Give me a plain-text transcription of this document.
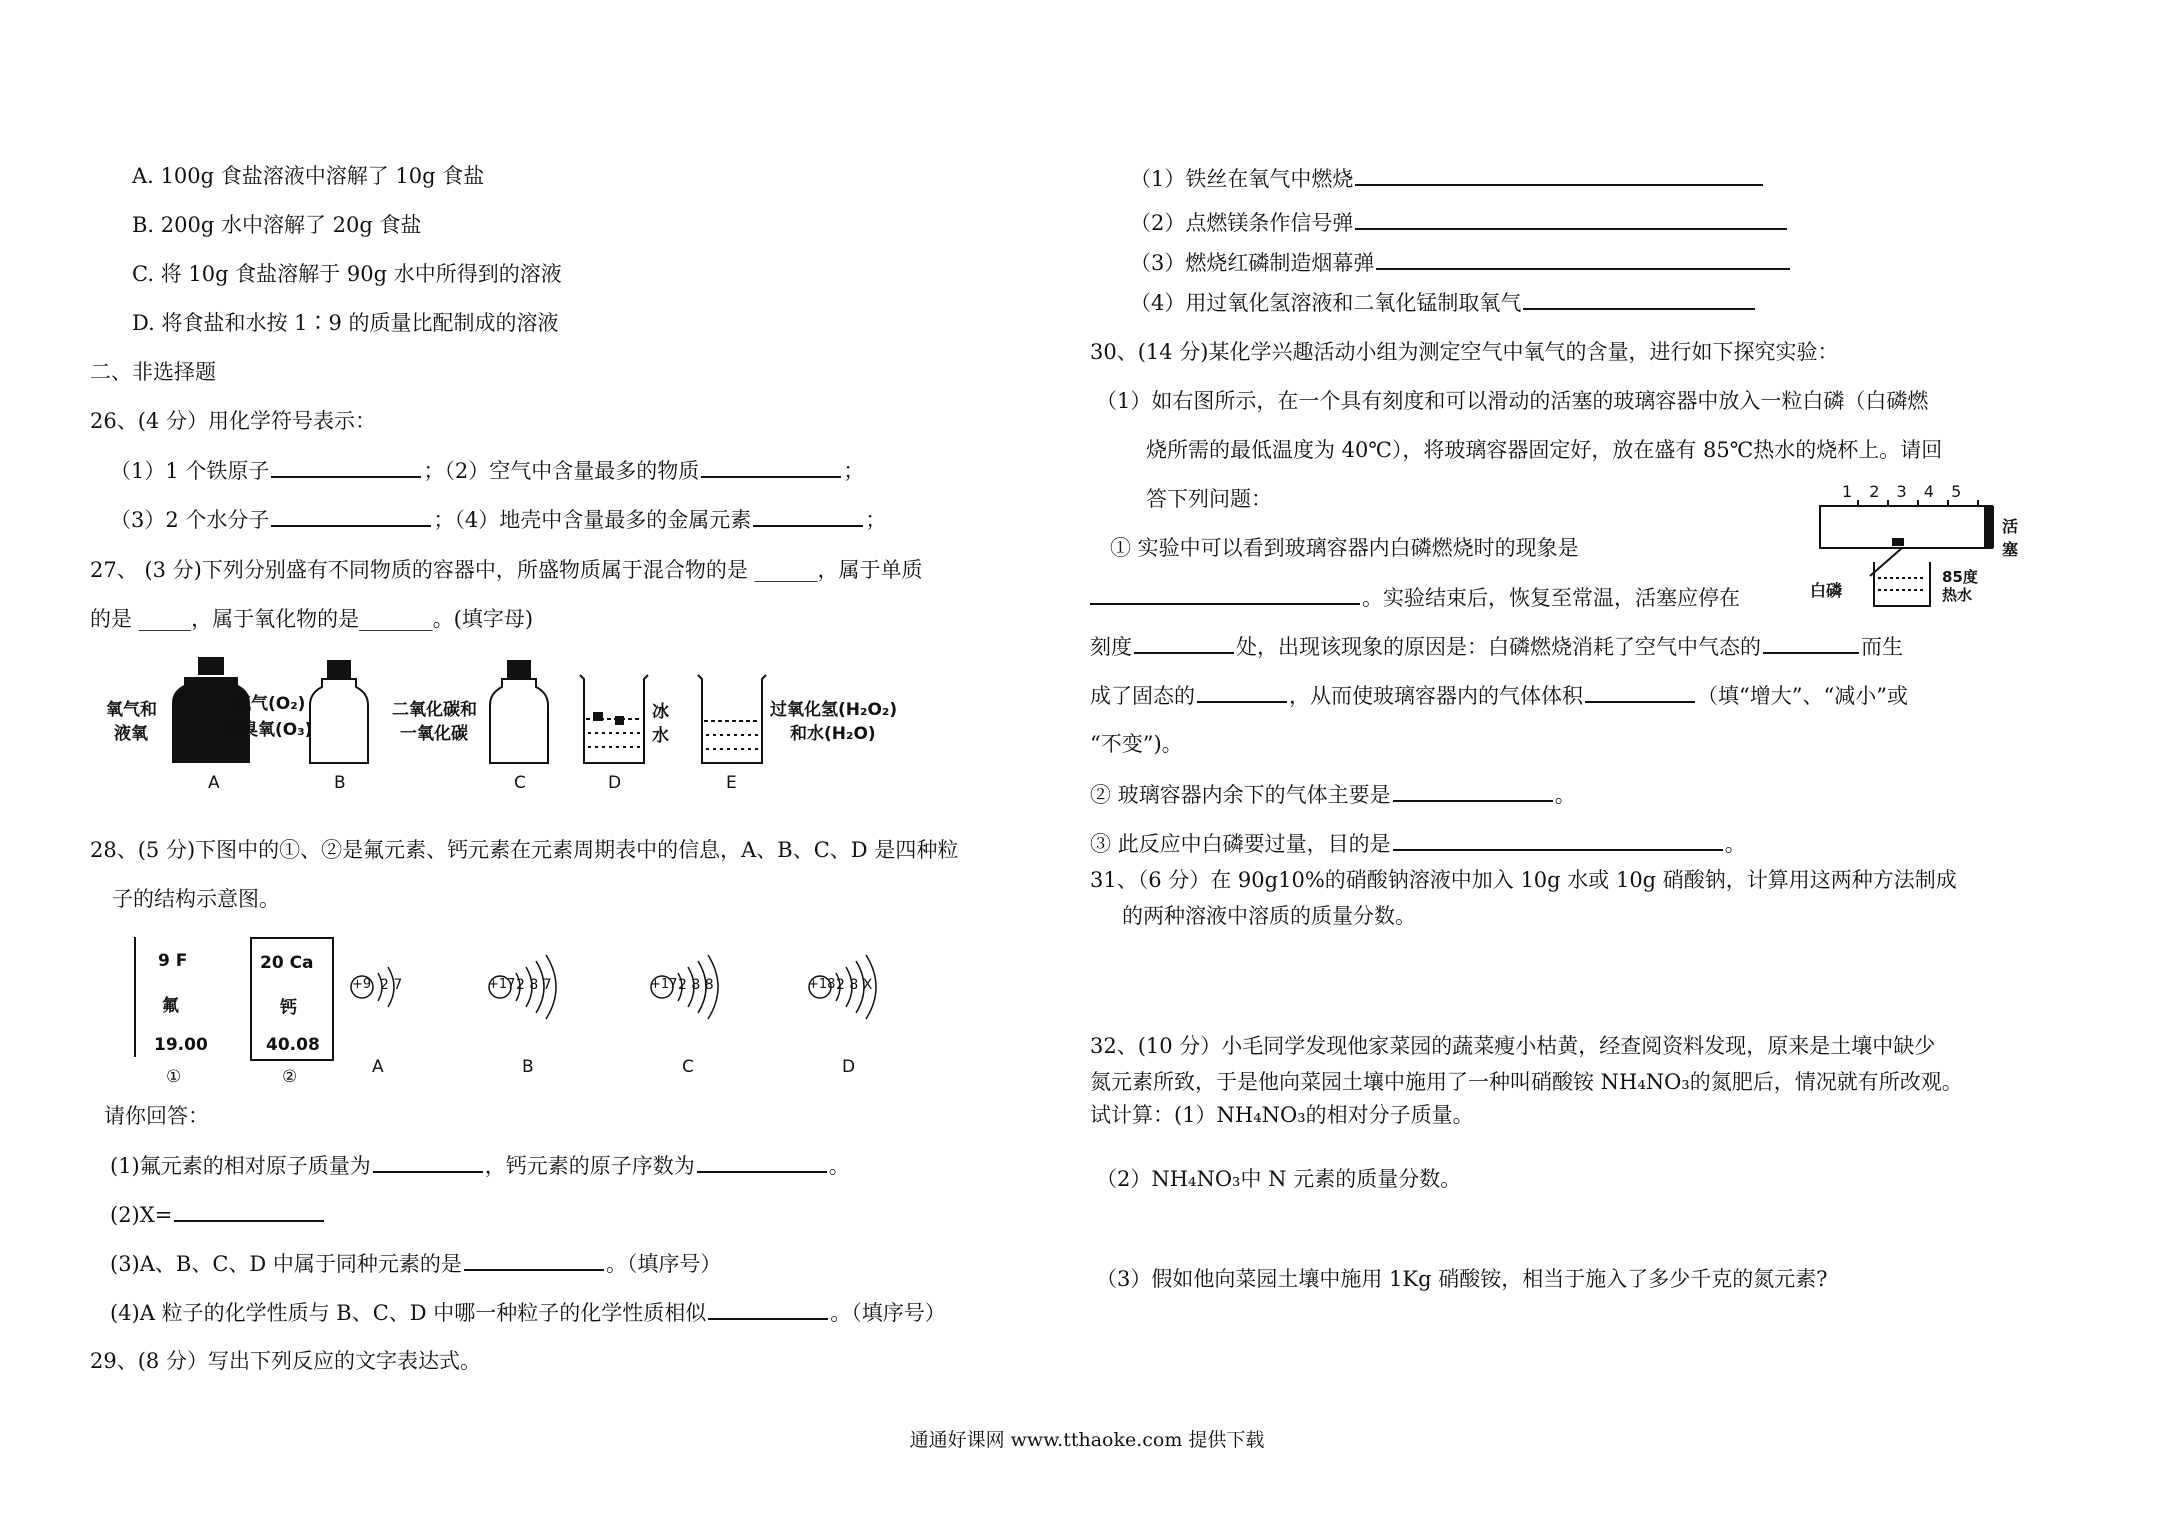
A. 100g 食盐溶液中溶解了 10g 食盐
B. 200g 水中溶解了 20g 食盐
C. 将 10g 食盐溶解于 90g 水中所得到的溶液
D. 将食盐和水按 1∶9 的质量比配制成的溶液
二、非选择题
26、(4 分）用化学符号表示：
（1）1 个铁原子	；（2）空气中含量最多的物质	；
（3）2 个水分子	；（4）地壳中含量最多的金属元素	；
27、 (3 分)下列分别盛有不同物质的容器中，所盛物质属于混合物的是 ______，属于单质
的是 _____，属于氧化物的是_______。(填字母)
氧气和
液氧
A
氧气(O₂)
和臭氧(O₃)
B
二氧化碳和
一氧化碳
C
冰
水
D
过氧化氢(H₂O₂)
和水(H₂O)
E
28、(5 分)下图中的①、②是氟元素、钙元素在元素周期表中的信息，A、B、C、D 是四种粒
子的结构示意图。
9 F
氟
19.00
①
20 Ca
钙
40.08
②
+9 2 7
A
+17 2 8 7
B
+17 2 8 8
C
+18 2 8 X
D
请你回答：
(1)氟元素的相对原子质量为	，钙元素的原子序数为	。
(2)X=
(3)A、B、C、D 中属于同种元素的是	。（填序号）
(4)A 粒子的化学性质与 B、C、D 中哪一种粒子的化学性质相似	。（填序号）
29、(8 分）写出下列反应的文字表达式。
（1）铁丝在氧气中燃烧
（2）点燃镁条作信号弹
（3）燃烧红磷制造烟幕弹
（4）用过氧化氢溶液和二氧化锰制取氧气
30、(14 分)某化学兴趣活动小组为测定空气中氧气的含量，进行如下探究实验：
（1）如右图所示，在一个具有刻度和可以滑动的活塞的玻璃容器中放入一粒白磷（白磷燃
烧所需的最低温度为 40℃），将玻璃容器固定好，放在盛有 85℃热水的烧杯上。请回
答下列问题：
① 实验中可以看到玻璃容器内白磷燃烧时的现象是
。实验结束后，恢复至常温，活塞应停在
刻度	处，出现该现象的原因是：白磷燃烧消耗了空气中气态的	而生
成了固态的	，从而使玻璃容器内的气体体积	（填“增大”、“减小”或
“不变”)。
② 玻璃容器内余下的气体主要是	。
③ 此反应中白磷要过量，目的是	。
1 2 3 4 5
活塞
白磷
85度
热水
31、（6 分）在 90g10%的硝酸钠溶液中加入 10g 水或 10g 硝酸钠，计算用这两种方法制成
的两种溶液中溶质的质量分数。
32、(10 分）小毛同学发现他家菜园的蔬菜瘦小枯黄，经查阅资料发现，原来是土壤中缺少
氮元素所致，于是他向菜园土壤中施用了一种叫硝酸铵 NH₄NO₃的氮肥后，情况就有所改观。
试计算：(1）NH₄NO₃的相对分子质量。
（2）NH₄NO₃中 N 元素的质量分数。
（3）假如他向菜园土壤中施用 1Kg 硝酸铵，相当于施入了多少千克的氮元素?
通通好课网 www.tthaoke.com 提供下载
